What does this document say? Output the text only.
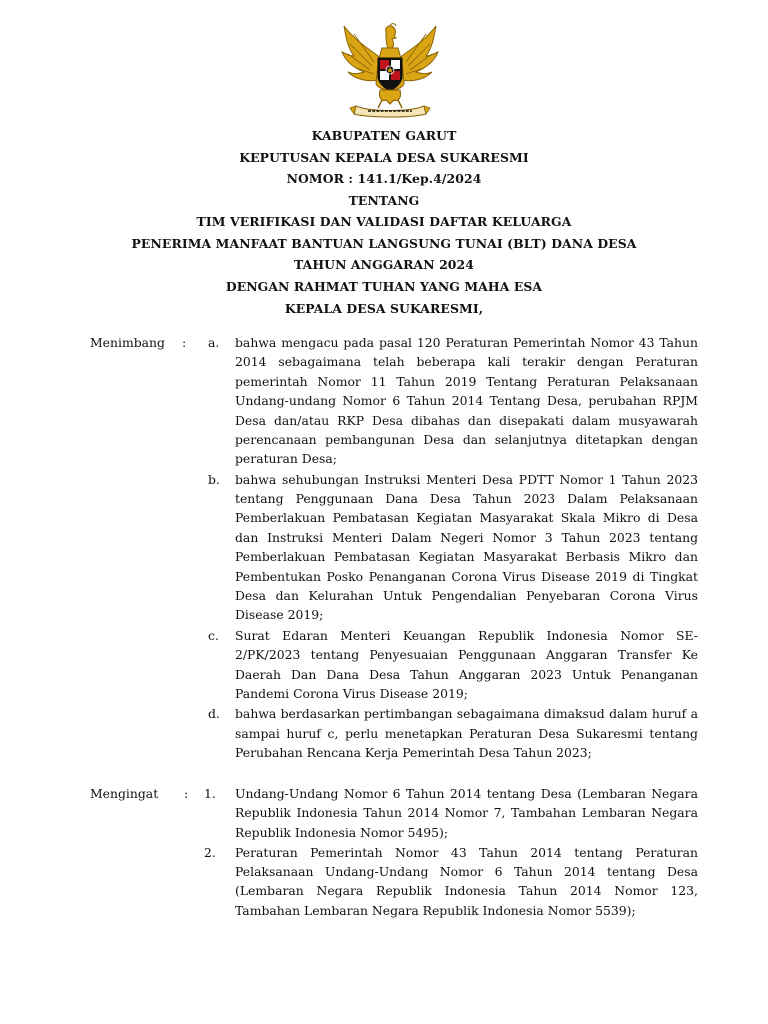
KABUPATEN GARUT
KEPUTUSAN KEPALA DESA SUKARESMI
NOMOR : 141.1/Kep.4/2024
TENTANG
TIM VERIFIKASI DAN VALIDASI DAFTAR KELUARGA
PENERIMA MANFAAT BANTUAN LANGSUNG TUNAI (BLT) DANA DESA
TAHUN ANGGARAN 2024
DENGAN RAHMAT TUHAN YANG MAHA ESA
KEPALA DESA SUKARESMI,
Menimbang : a. bahwa mengacu pada pasal 120 Peraturan Pemerintah Nomor 43 Tahun 2014 sebagaimana telah beberapa kali terakir dengan Peraturan pemerintah Nomor 11 Tahun 2019 Tentang Peraturan Pelaksanaan Undang-undang Nomor 6 Tahun 2014 Tentang Desa, perubahan RPJM Desa dan/atau RKP Desa dibahas dan disepakati dalam musyawarah perencanaan pembangunan Desa dan selanjutnya ditetapkan dengan peraturan Desa;
b. bahwa sehubungan Instruksi Menteri Desa PDTT Nomor 1 Tahun 2023 tentang Penggunaan Dana Desa Tahun 2023 Dalam Pelaksanaan Pemberlakuan Pembatasan Kegiatan Masyarakat Skala Mikro di Desa dan Instruksi Menteri Dalam Negeri Nomor 3 Tahun 2023 tentang Pemberlakuan Pembatasan Kegiatan Masyarakat Berbasis Mikro dan Pembentukan Posko Penanganan Corona Virus Disease 2019 di Tingkat Desa dan Kelurahan Untuk Pengendalian Penyebaran Corona Virus Disease 2019;
c. Surat Edaran Menteri Keuangan Republik Indonesia Nomor SE-2/PK/2023 tentang Penyesuaian Penggunaan Anggaran Transfer Ke Daerah Dan Dana Desa Tahun Anggaran 2023 Untuk Penanganan Pandemi Corona Virus Disease 2019;
d. bahwa berdasarkan pertimbangan sebagaimana dimaksud dalam huruf a sampai huruf c, perlu menetapkan Peraturan Desa Sukaresmi tentang Perubahan Rencana Kerja Pemerintah Desa Tahun 2023;
Mengingat : 1. Undang-Undang Nomor 6 Tahun 2014 tentang Desa (Lembaran Negara Republik Indonesia Tahun 2014 Nomor 7, Tambahan Lembaran Negara Republik Indonesia Nomor 5495);
2. Peraturan Pemerintah Nomor 43 Tahun 2014 tentang Peraturan Pelaksanaan Undang-Undang Nomor 6 Tahun 2014 tentang Desa (Lembaran Negara Republik Indonesia Tahun 2014 Nomor 123, Tambahan Lembaran Negara Republik Indonesia Nomor 5539);
